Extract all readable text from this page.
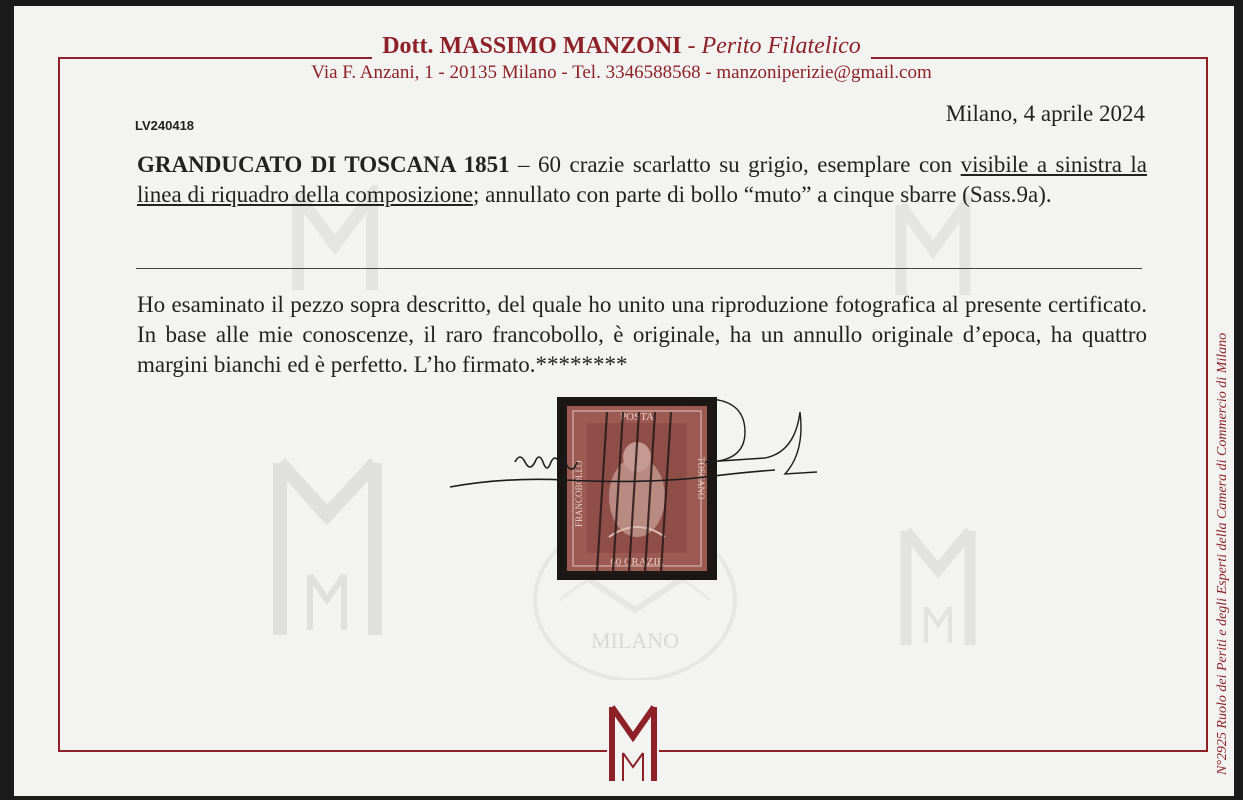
MILANO
Dott. MASSIMO MANZONI - Perito Filatelico
Via F. Anzani, 1 - 20135 Milano - Tel. 3346588568 - manzoniperizie@gmail.com
LV240418	Milano, 4 aprile 2024
GRANDUCATO DI TOSCANA 1851 – 60 crazie scarlatto su grigio, esemplare con visibile a sinistra la linea di riquadro della composizione; annullato con parte di bollo “muto” a cinque sbarre (Sass.9a).
Ho esaminato il pezzo sopra descritto, del quale ho unito una riproduzione fotografica al presente certificato. In base alle mie conoscenze, il raro francobollo, è originale, ha un annullo originale d’epoca, ha quattro margini bianchi ed è perfetto. L’ho firmato.********
POSTA
60 CRAZIE
FRANCOBOLLO	TOSCANO	N°2925 Ruolo dei Periti e degli Esperti della Camera di Commercio di Milano
